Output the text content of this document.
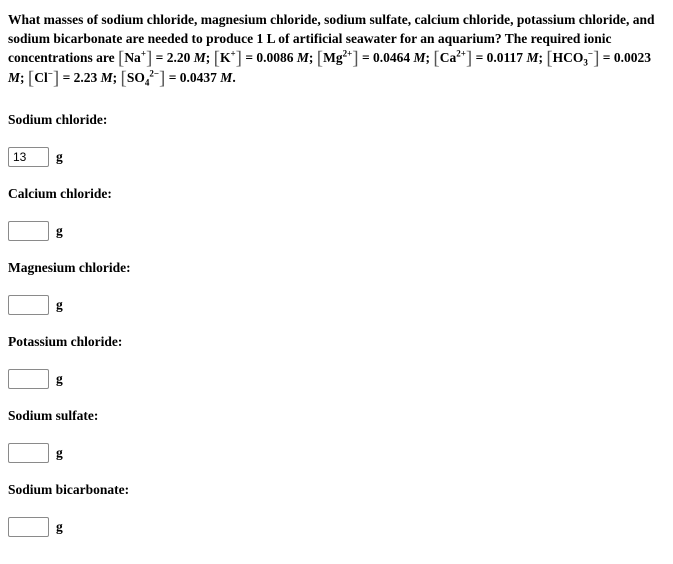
What masses of sodium chloride, magnesium chloride, sodium sulfate, calcium chloride, potassium chloride, and sodium bicarbonate are needed to produce 1 L of artificial seawater for an aquarium? The required ionic concentrations are [Na+] = 2.20 M; [K+] = 0.0086 M; $[Mg^{2+}] = 0.0464$ M; $[Ca^{2+}] = 0.0117$ M; $[HCO_3^-] = 0.0023$ M; [Cl−] = 2.23 M; $[SO_4^{2-}] = 0.0437$ M.
Sodium chloride:
13
g
Calcium chloride:
g
Magnesium chloride:
g
Potassium chloride:
g
Sodium sulfate:
g
Sodium bicarbonate:
g
